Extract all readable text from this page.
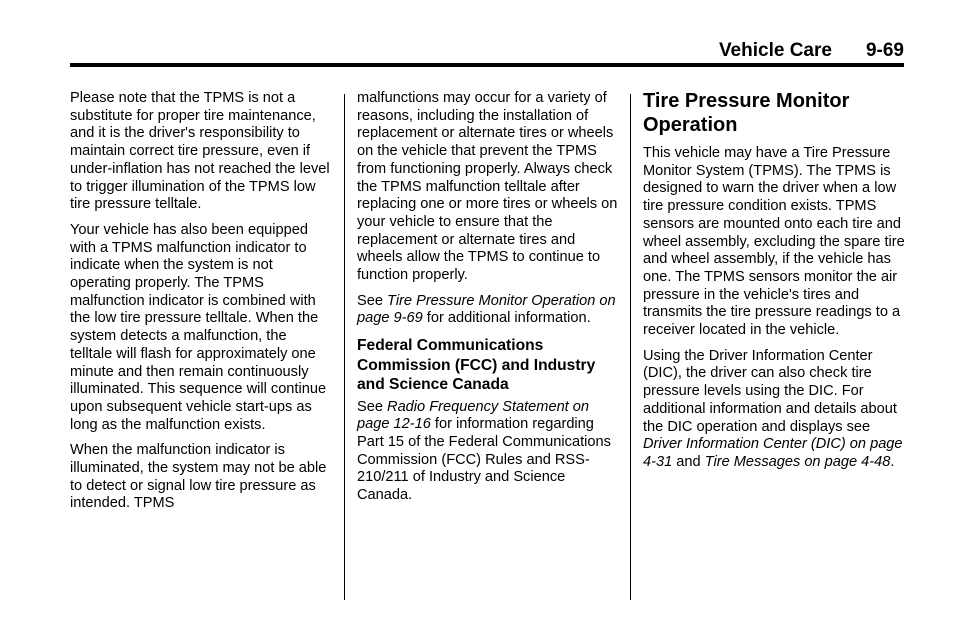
Vehicle Care 9-69

Please note that the TPMS is not a substitute for proper tire maintenance, and it is the driver's responsibility to maintain correct tire pressure, even if under-inflation has not reached the level to trigger illumination of the TPMS low tire pressure telltale.

Your vehicle has also been equipped with a TPMS malfunction indicator to indicate when the system is not operating properly. The TPMS malfunction indicator is combined with the low tire pressure telltale. When the system detects a malfunction, the telltale will flash for approximately one minute and then remain continuously illuminated. This sequence will continue upon subsequent vehicle start-ups as long as the malfunction exists.

When the malfunction indicator is illuminated, the system may not be able to detect or signal low tire pressure as intended. TPMS

malfunctions may occur for a variety of reasons, including the installation of replacement or alternate tires or wheels on the vehicle that prevent the TPMS from functioning properly. Always check the TPMS malfunction telltale after replacing one or more tires or wheels on your vehicle to ensure that the replacement or alternate tires and wheels allow the TPMS to continue to function properly.

See Tire Pressure Monitor Operation on page 9-69 for additional information.

Federal Communications Commission (FCC) and Industry and Science Canada

See Radio Frequency Statement on page 12-16 for information regarding Part 15 of the Federal Communications Commission (FCC) Rules and RSS-210/211 of Industry and Science Canada.

Tire Pressure Monitor Operation

This vehicle may have a Tire Pressure Monitor System (TPMS). The TPMS is designed to warn the driver when a low tire pressure condition exists. TPMS sensors are mounted onto each tire and wheel assembly, excluding the spare tire and wheel assembly, if the vehicle has one. The TPMS sensors monitor the air pressure in the vehicle's tires and transmits the tire pressure readings to a receiver located in the vehicle.

Using the Driver Information Center (DIC), the driver can also check tire pressure levels using the DIC. For additional information and details about the DIC operation and displays see Driver Information Center (DIC) on page 4-31 and Tire Messages on page 4-48.
